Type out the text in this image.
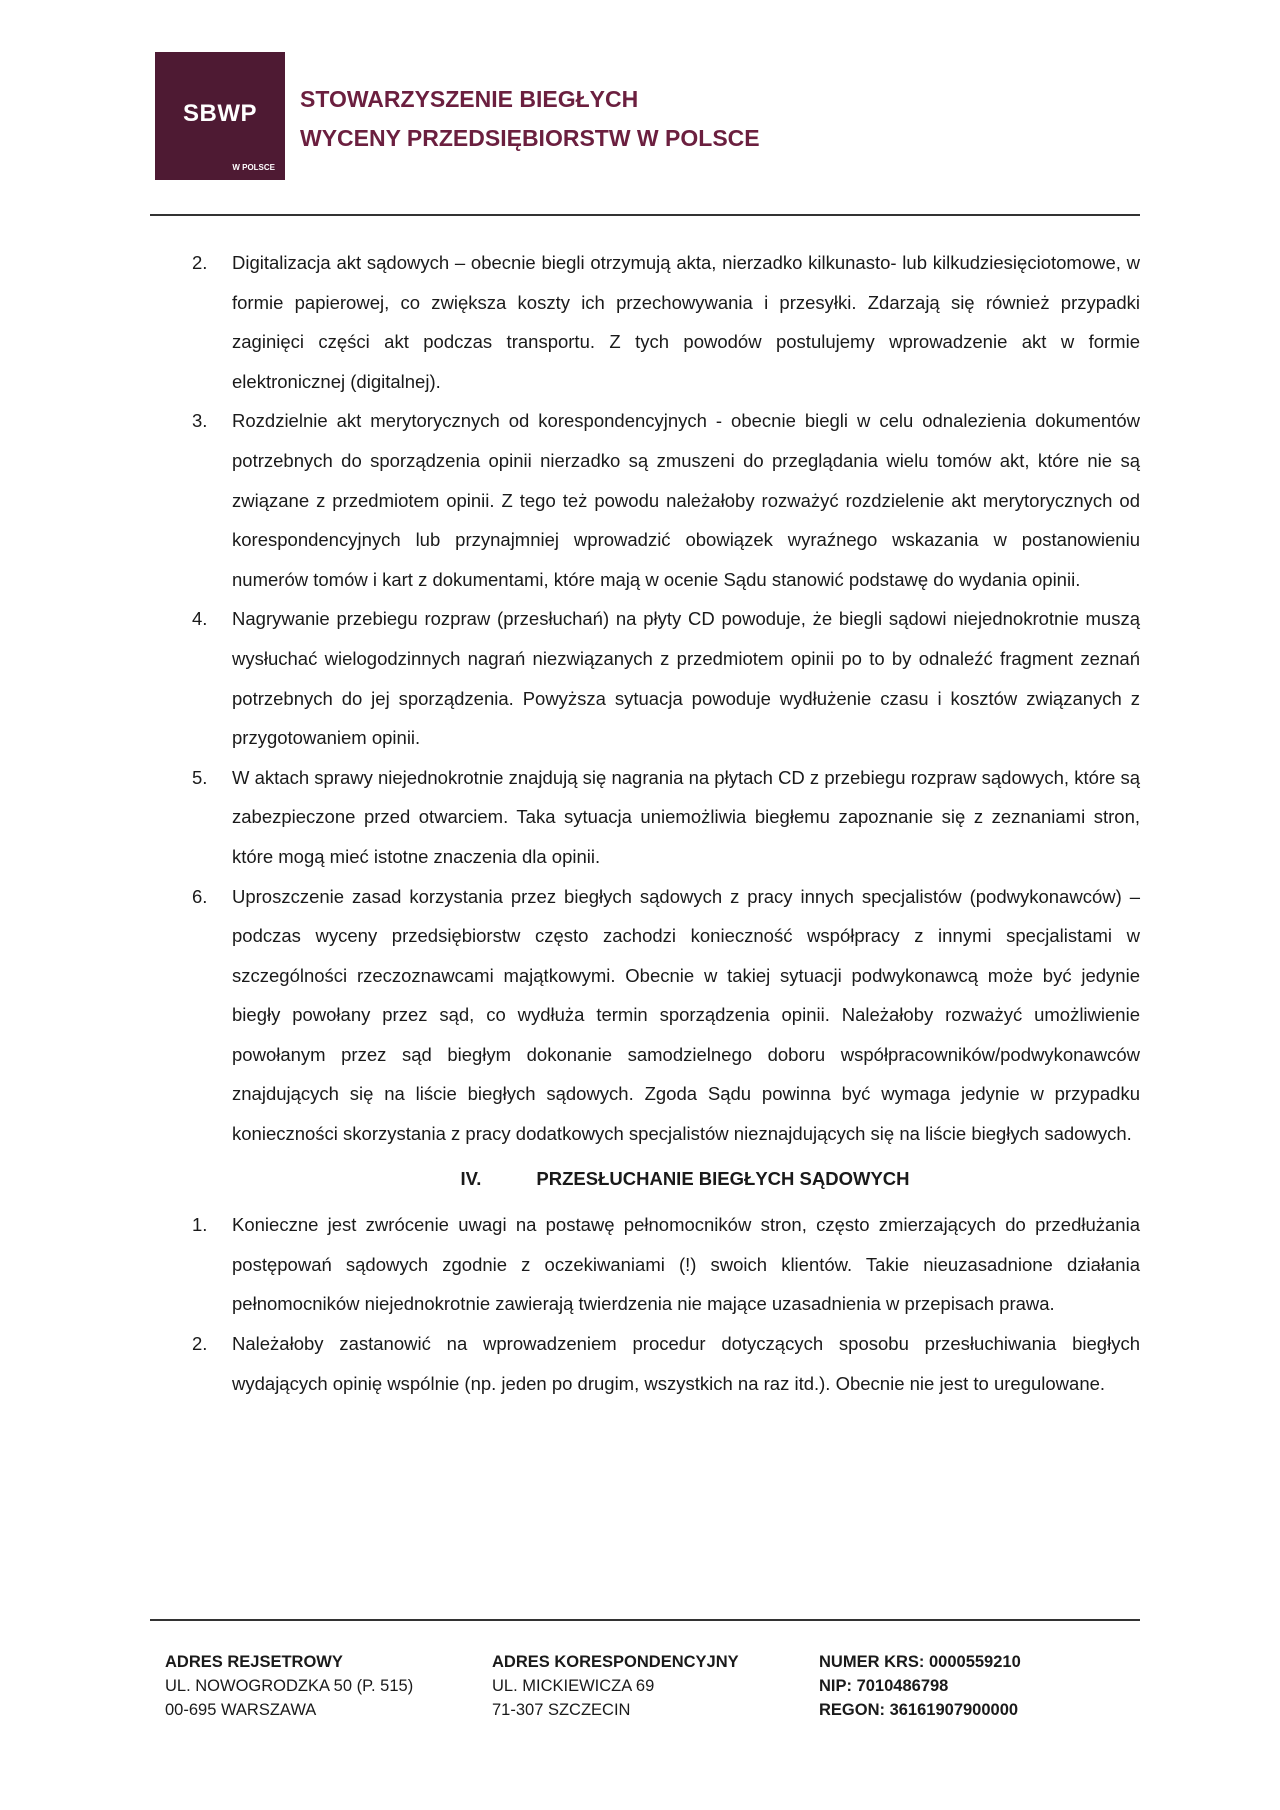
SBWP
W POLSCE
STOWARZYSZENIE BIEGŁYCH
WYCENY PRZEDSIĘBIORSTW W POLSCE
2. Digitalizacja akt sądowych – obecnie biegli otrzymują akta, nierzadko kilkunasto- lub kilkudziesięciotomowe, w formie papierowej, co zwiększa koszty ich przechowywania i przesyłki. Zdarzają się również przypadki zaginięci części akt podczas transportu. Z tych powodów postulujemy wprowadzenie akt w formie elektronicznej (digitalnej).
3. Rozdzielnie akt merytorycznych od korespondencyjnych - obecnie biegli w celu odnalezienia dokumentów potrzebnych do sporządzenia opinii nierzadko są zmuszeni do przeglądania wielu tomów akt, które nie są związane z przedmiotem opinii. Z tego też powodu należałoby rozważyć rozdzielenie akt merytorycznych od korespondencyjnych lub przynajmniej wprowadzić obowiązek wyraźnego wskazania w postanowieniu numerów tomów i kart z dokumentami, które mają w ocenie Sądu stanowić podstawę do wydania opinii.
4. Nagrywanie przebiegu rozpraw (przesłuchań) na płyty CD powoduje, że biegli sądowi niejednokrotnie muszą wysłuchać wielogodzinnych nagrań niezwiązanych z przedmiotem opinii po to by odnaleźć fragment zeznań potrzebnych do jej sporządzenia. Powyższa sytuacja powoduje wydłużenie czasu i kosztów związanych z przygotowaniem opinii.
5. W aktach sprawy niejednokrotnie znajdują się nagrania na płytach CD z przebiegu rozpraw sądowych, które są zabezpieczone przed otwarciem. Taka sytuacja uniemożliwia biegłemu zapoznanie się z zeznaniami stron, które mogą mieć istotne znaczenia dla opinii.
6. Uproszczenie zasad korzystania przez biegłych sądowych z pracy innych specjalistów (podwykonawców) –podczas wyceny przedsiębiorstw często zachodzi konieczność współpracy z innymi specjalistami w szczególności rzeczoznawcami majątkowymi. Obecnie w takiej sytuacji podwykonawcą może być jedynie biegły powołany przez sąd, co wydłuża termin sporządzenia opinii. Należałoby rozważyć umożliwienie powołanym przez sąd biegłym dokonanie samodzielnego doboru współpracowników/podwykonawców znajdujących się na liście biegłych sądowych. Zgoda Sądu powinna być wymaga jedynie w przypadku konieczności skorzystania z pracy dodatkowych specjalistów nieznajdujących się na liście biegłych sadowych.
IV.	PRZESŁUCHANIE BIEGŁYCH SĄDOWYCH
1. Konieczne jest zwrócenie uwagi na postawę pełnomocników stron, często zmierzających do przedłużania postępowań sądowych zgodnie z oczekiwaniami (!) swoich klientów. Takie nieuzasadnione działania pełnomocników niejednokrotnie zawierają twierdzenia nie mające uzasadnienia w przepisach prawa.
2. Należałoby zastanowić na wprowadzeniem procedur dotyczących sposobu przesłuchiwania biegłych wydających opinię wspólnie (np. jeden po drugim, wszystkich na raz itd.). Obecnie nie jest to uregulowane.
ADRES REJSETROWY
UL. NOWOGRODZKA 50 (P. 515)
00-695 WARSZAWA
ADRES KORESPONDENCYJNY
UL. MICKIEWICZA 69
71-307 SZCZECIN
NUMER KRS: 0000559210
NIP: 7010486798
REGON: 36161907900000
